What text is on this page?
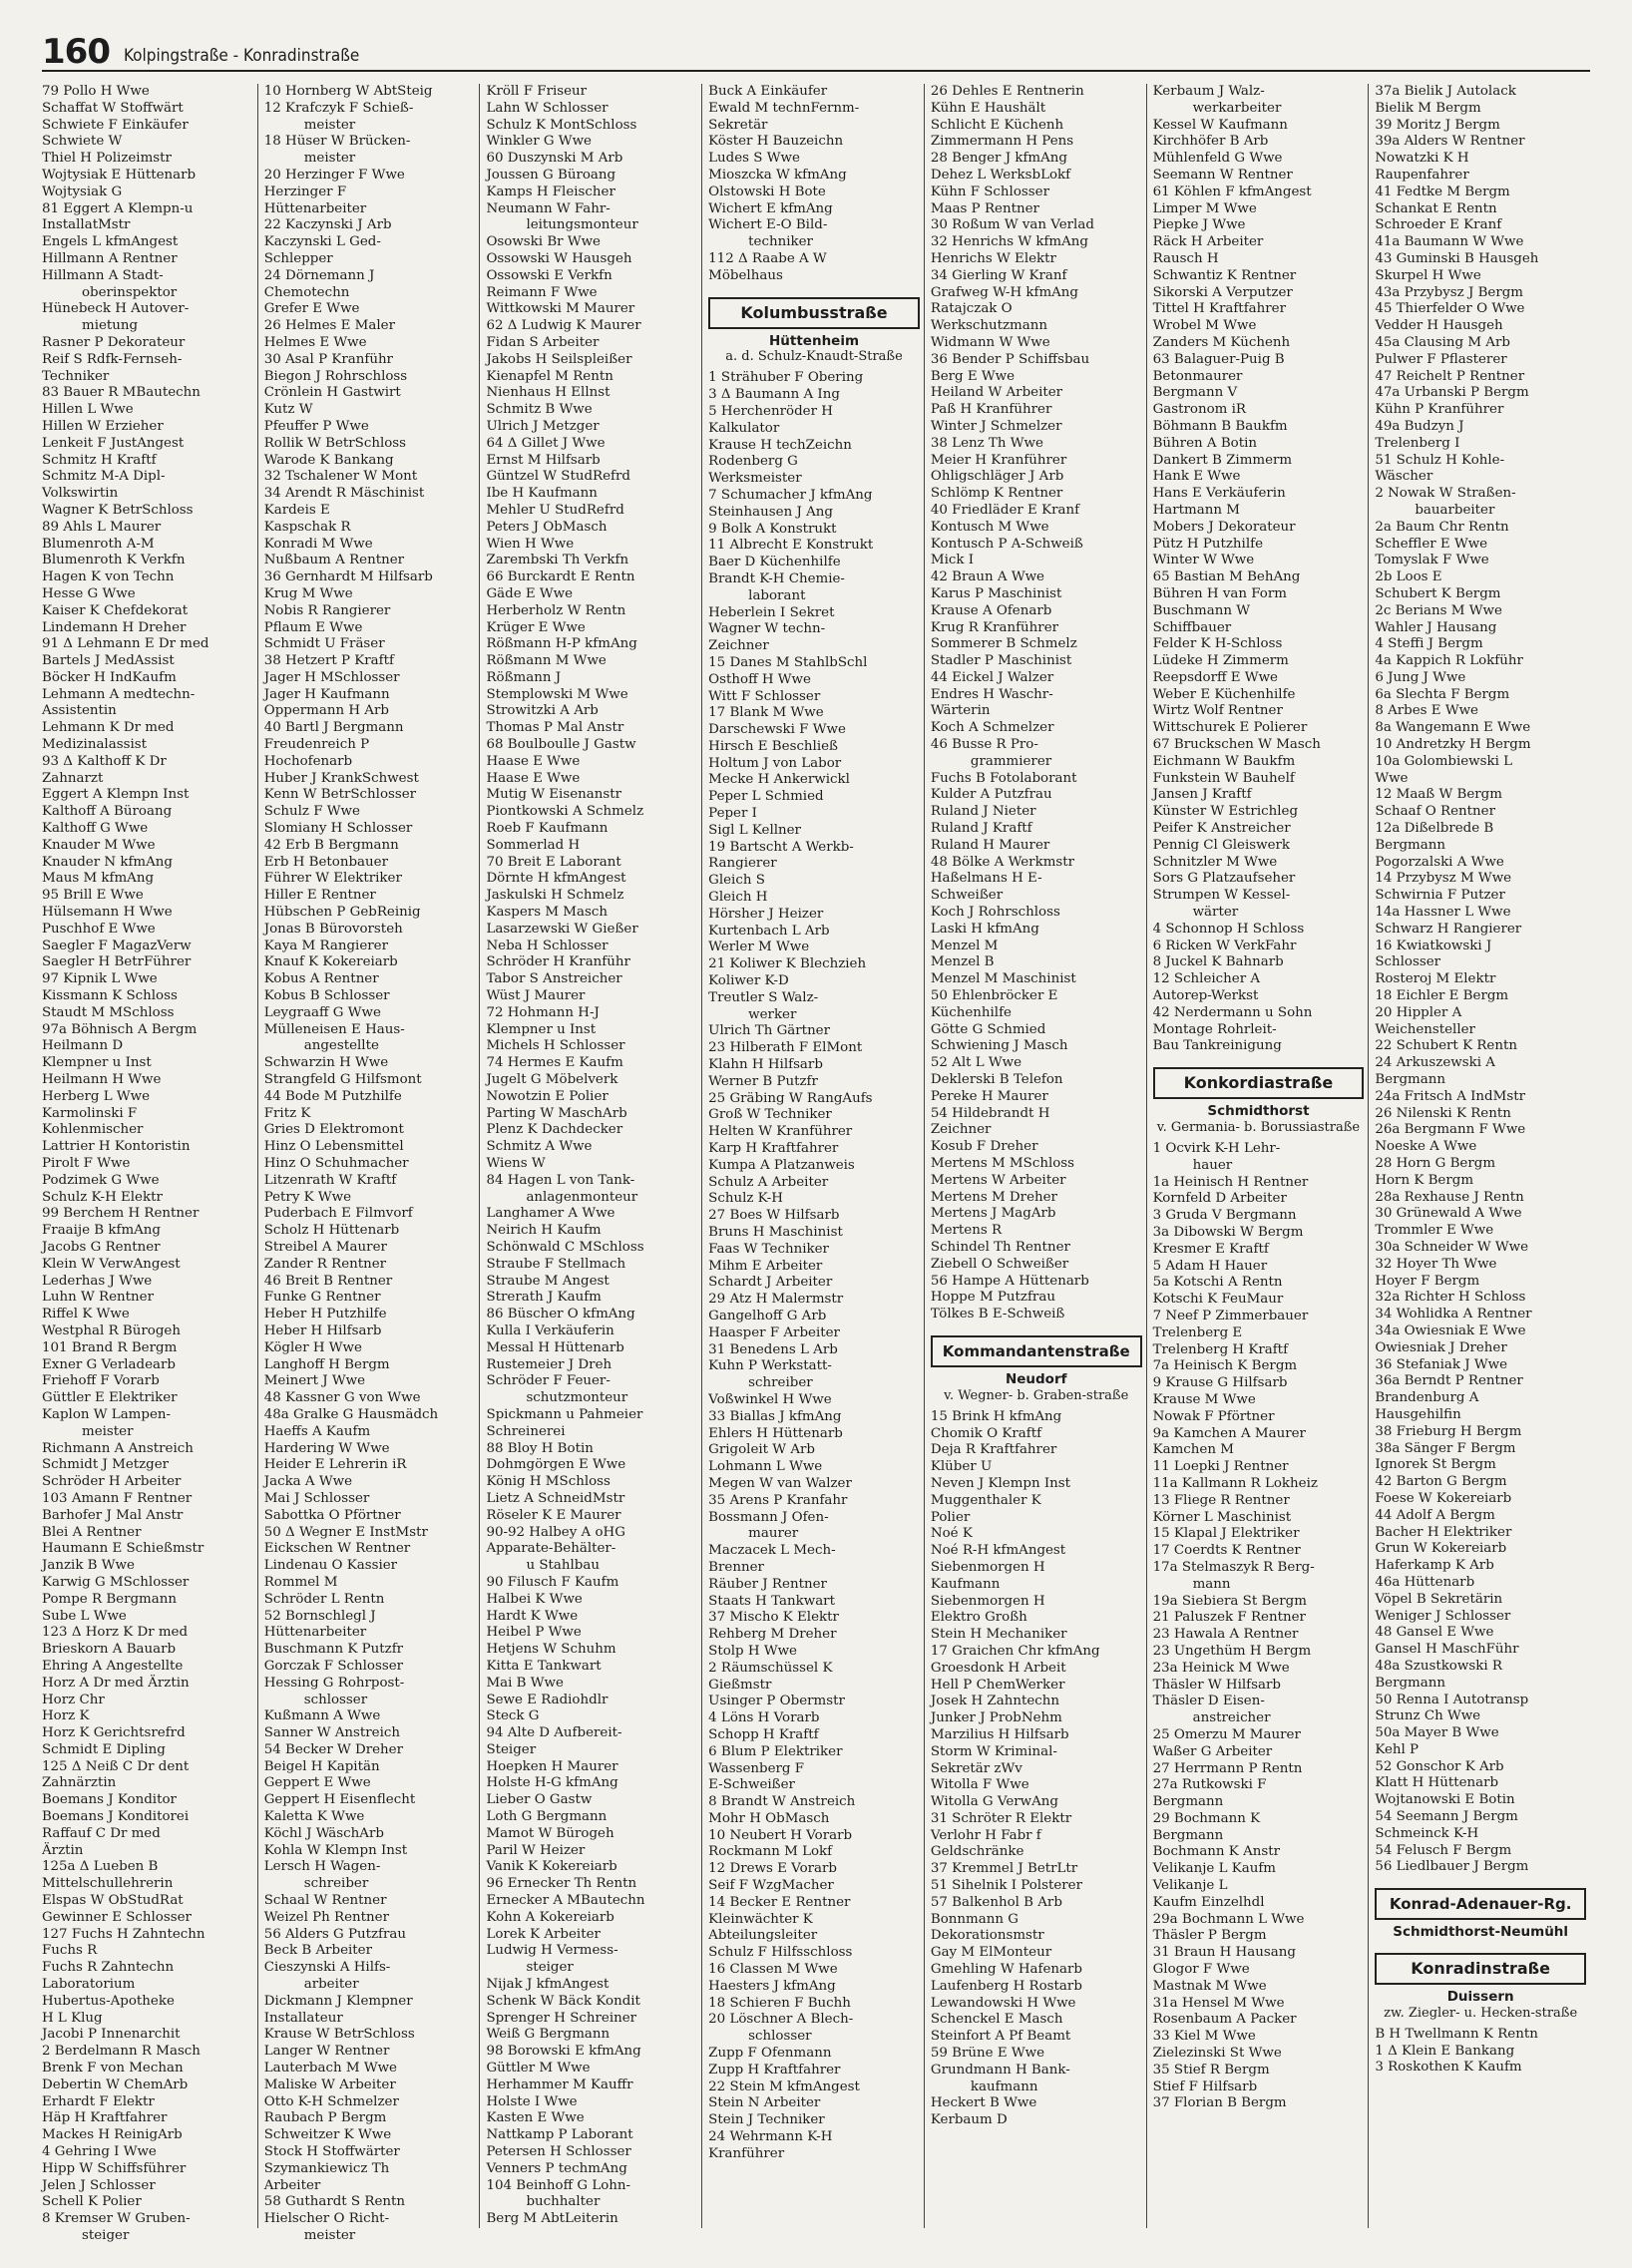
160 Kolpingstraße - Konradinstraße
79 Pollo H Wwe
Schaffat W Stoffwärt
Schwiete F Einkäufer
Schwiete W
Thiel H Polizeimstr
Wojtysiak E Hüttenarb
Wojtysiak G
81 Eggert A Klempn-u
InstallatMstr
Engels L kfmAngest
Hillmann A Rentner
Hillmann A Stadt-
oberinspektor
Hünebeck H Autover-
mietung
Rasner P Dekorateur
Reif S Rdfk-Fernseh-
Techniker
83 Bauer R MBautechn
Hillen L Wwe
Hillen W Erzieher
Lenkeit F JustAngest
Schmitz H Kraftf
Schmitz M-A Dipl-
Volkswirtin
Wagner K BetrSchloss
89 Ahls L Maurer
Blumenroth A-M
Blumenroth K Verkfn
Hagen K von Techn
Hesse G Wwe
Kaiser K Chefdekorat
Lindemann H Dreher
91 Δ Lehmann E Dr med
Bartels J MedAssist
Böcker H IndKaufm
Lehmann A medtechn-
Assistentin
Lehmann K Dr med
Medizinalassist
93 Δ Kalthoff K Dr
Zahnarzt
Eggert A Klempn Inst
Kalthoff A Büroang
Kalthoff G Wwe
Knauder M Wwe
Knauder N kfmAng
Maus M kfmAng
95 Brill E Wwe
Hülsemann H Wwe
Puschhof E Wwe
Saegler F MagazVerw
Saegler H BetrFührer
97 Kipnik L Wwe
Kissmann K Schloss
Staudt M MSchloss
97a Böhnisch A Bergm
Heilmann D
Klempner u Inst
Heilmann H Wwe
Herberg L Wwe
Karmolinski F
Kohlenmischer
Lattrier H Kontoristin
Pirolt F Wwe
Podzimek G Wwe
Schulz K-H Elektr
99 Berchem H Rentner
Fraaije B kfmAng
Jacobs G Rentner
Klein W VerwAngest
Lederhas J Wwe
Luhn W Rentner
Riffel K Wwe
Westphal R Bürogeh
101 Brand R Bergm
Exner G Verladearb
Friehoff F Vorarb
Güttler E Elektriker
Kaplon W Lampen-
meister
Richmann A Anstreich
Schmidt J Metzger
Schröder H Arbeiter
103 Amann F Rentner
Barhofer J Mal Anstr
Blei A Rentner
Haumann E Schießmstr
Janzik B Wwe
Karwig G MSchlosser
Pompe R Bergmann
Sube L Wwe
123 Δ Horz K Dr med
Brieskorn A Bauarb
Ehring A Angestellte
Horz A Dr med Ärztin
Horz Chr
Horz K
Horz K Gerichtsrefrd
Schmidt E Dipling
125 Δ Neiß C Dr dent
Zahnärztin
Boemans J Konditor
Boemans J Konditorei
Raffauf C Dr med
Ärztin
125a Δ Lueben B
Mittelschullehrerin
Elspas W ObStudRat
Gewinner E Schlosser
127 Fuchs H Zahntechn
Fuchs R
Fuchs R Zahntechn
Laboratorium
Hubertus-Apotheke
H L Klug
Jacobi P Innenarchit
2 Berdelmann R Masch
Brenk F von Mechan
Debertin W ChemArb
Erhardt F Elektr
Häp H Kraftfahrer
Mackes H ReinigArb
4 Gehring I Wwe
Hipp W Schiffsführer
Jelen J Schlosser
Schell K Polier
8 Kremser W Gruben-
steiger
10 Hornberg W AbtSteig
12 Krafczyk F Schieß-
meister
18 Hüser W Brücken-
meister
20 Herzinger F Wwe
Herzinger F
Hüttenarbeiter
22 Kaczynski J Arb
Kaczynski L Ged-
Schlepper
24 Dörnemann J
Chemotechn
Grefer E Wwe
26 Helmes E Maler
Helmes E Wwe
30 Asal P Kranführ
Biegon J Rohrschloss
Crönlein H Gastwirt
Kutz W
Pfeuffer P Wwe
Rollik W BetrSchloss
Warode K Bankang
32 Tschalener W Mont
34 Arendt R Mäschinist
Kardeis E
Kaspschak R
Konradi M Wwe
Nußbaum A Rentner
36 Gernhardt M Hilfsarb
Krug M Wwe
Nobis R Rangierer
Pflaum E Wwe
Schmidt U Fräser
38 Hetzert P Kraftf
Jager H MSchlosser
Jager H Kaufmann
Oppermann H Arb
40 Bartl J Bergmann
Freudenreich P
Hochofenarb
Huber J KrankSchwest
Kenn W BetrSchlosser
Schulz F Wwe
Slomiany H Schlosser
42 Erb B Bergmann
Erb H Betonbauer
Führer W Elektriker
Hiller E Rentner
Hübschen P GebReinig
Jonas B Bürovorsteh
Kaya M Rangierer
Knauf K Kokereiarb
Kobus A Rentner
Kobus B Schlosser
Leygraaff G Wwe
Mülleneisen E Haus-
angestellte
Schwarzin H Wwe
Strangfeld G Hilfsmont
44 Bode M Putzhilfe
Fritz K
Gries D Elektromont
Hinz O Lebensmittel
Hinz O Schuhmacher
Litzenrath W Kraftf
Petry K Wwe
Puderbach E Filmvorf
Scholz H Hüttenarb
Streibel A Maurer
Zander R Rentner
46 Breit B Rentner
Funke G Rentner
Heber H Putzhilfe
Heber H Hilfsarb
Kögler H Wwe
Langhoff H Bergm
Meinert J Wwe
48 Kassner G von Wwe
48a Gralke G Hausmädch
Haeffs A Kaufm
Hardering W Wwe
Heider E Lehrerin iR
Jacka A Wwe
Mai J Schlosser
Sabottka O Pförtner
50 Δ Wegner E InstMstr
Eickschen W Rentner
Lindenau O Kassier
Rommel M
Schröder L Rentn
52 Bornschlegl J
Hüttenarbeiter
Buschmann K Putzfr
Gorczak F Schlosser
Hessing G Rohrpost-
schlosser
Kußmann A Wwe
Sanner W Anstreich
54 Becker W Dreher
Beigel H Kapitän
Geppert E Wwe
Geppert H Eisenflecht
Kaletta K Wwe
Köchl J WäschArb
Kohla W Klempn Inst
Lersch H Wagen-
schreiber
Schaal W Rentner
Weizel Ph Rentner
56 Alders G Putzfrau
Beck B Arbeiter
Cieszynski A Hilfs-
arbeiter
Dickmann J Klempner
Installateur
Krause W BetrSchloss
Langer W Rentner
Lauterbach M Wwe
Maliske W Arbeiter
Otto K-H Schmelzer
Raubach P Bergm
Schweitzer K Wwe
Stock H Stoffwärter
Szymankiewicz Th
Arbeiter
58 Guthardt S Rentn
Hielscher O Richt-
meister
Kröll F Friseur
Lahn W Schlosser
Schulz K MontSchloss
Winkler G Wwe
60 Duszynski M Arb
Joussen G Büroang
Kamps H Fleischer
Neumann W Fahr-
leitungsmonteur
Osowski Br Wwe
Ossowski W Hausgeh
Ossowski E Verkfn
Reimann F Wwe
Wittkowski M Maurer
62 Δ Ludwig K Maurer
Fidan S Arbeiter
Jakobs H Seilspleißer
Kienapfel M Rentn
Nienhaus H Ellnst
Schmitz B Wwe
Ulrich J Metzger
64 Δ Gillet J Wwe
Ernst M Hilfsarb
Güntzel W StudRefrd
Ibe H Kaufmann
Mehler U StudRefrd
Peters J ObMasch
Wien H Wwe
Zarembski Th Verkfn
66 Burckardt E Rentn
Gäde E Wwe
Herberholz W Rentn
Krüger E Wwe
Rößmann H-P kfmAng
Rößmann M Wwe
Rößmann J
Stemplowski M Wwe
Strowitzki A Arb
Thomas P Mal Anstr
68 Boulboulle J Gastw
Haase E Wwe
Haase E Wwe
Mutig W Eisenanstr
Piontkowski A Schmelz
Roeb F Kaufmann
Sommerlad H
70 Breit E Laborant
Dörnte H kfmAngest
Jaskulski H Schmelz
Kaspers M Masch
Lasarzewski W Gießer
Neba H Schlosser
Schröder H Kranführ
Tabor S Anstreicher
Wüst J Maurer
72 Hohmann H-J
Klempner u Inst
Michels H Schlosser
74 Hermes E Kaufm
Jugelt G Möbelverk
Nowotzin E Polier
Parting W MaschArb
Plenz K Dachdecker
Schmitz A Wwe
Wiens W
84 Hagen L von Tank-
anlagenmonteur
Langhamer A Wwe
Neirich H Kaufm
Schönwald C MSchloss
Straube F Stellmach
Straube M Angest
Strerath J Kaufm
86 Büscher O kfmAng
Kulla I Verkäuferin
Messal H Hüttenarb
Rustemeier J Dreh
Schröder F Feuer-
schutzmonteur
Spickmann u Pahmeier
Schreinerei
88 Bloy H Botin
Dohmgörgen E Wwe
König H MSchloss
Lietz A SchneidMstr
Röseler K E Maurer
90-92 Halbey A oHG
Apparate-Behälter-
u Stahlbau
90 Filusch F Kaufm
Halbei K Wwe
Hardt K Wwe
Heibel P Wwe
Hetjens W Schuhm
Kitta E Tankwart
Mai B Wwe
Sewe E Radiohdlr
Steck G
94 Alte D Aufbereit-
Steiger
Hoepken H Maurer
Holste H-G kfmAng
Lieber O Gastw
Loth G Bergmann
Mamot W Bürogeh
Paril W Heizer
Vanik K Kokereiarb
96 Ernecker Th Rentn
Ernecker A MBautechn
Kohn A Kokereiarb
Lorek K Arbeiter
Ludwig H Vermess-
steiger
Nijak J kfmAngest
Schenk W Bäck Kondit
Sprenger H Schreiner
Weiß G Bergmann
98 Borowski E kfmAng
Güttler M Wwe
Herhammer M Kauffr
Holste I Wwe
Kasten E Wwe
Nattkamp P Laborant
Petersen H Schlosser
Venners P techmAng
104 Beinhoff G Lohn-
buchhalter
Berg M AbtLeiterin
Buck A Einkäufer
Ewald M technFernm-
Sekretär
Köster H Bauzeichn
Ludes S Wwe
Mioszcka W kfmAng
Olstowski H Bote
Wichert E kfmAng
Wichert E-O Bild-
techniker
112 Δ Raabe A W
Möbelhaus
Kolumbusstraße
Hüttenheim
a. d. Schulz-Knaudt-Straße
1 Strähuber F Obering
3 Δ Baumann A Ing
5 Herchenröder H
Kalkulator
Krause H techZeichn
Rodenberg G
Werksmeister
7 Schumacher J kfmAng
Steinhausen J Ang
9 Bolk A Konstrukt
11 Albrecht E Konstrukt
Baer D Küchenhilfe
Brandt K-H Chemie-
laborant
Heberlein I Sekret
Wagner W techn-
Zeichner
15 Danes M StahlbSchl
Osthoff H Wwe
Witt F Schlosser
17 Blank M Wwe
Darschewski F Wwe
Hirsch E Beschließ
Holtum J von Labor
Mecke H Ankerwickl
Peper L Schmied
Peper I
Sigl L Kellner
19 Bartscht A Werkb-
Rangierer
Gleich S
Gleich H
Hörsher J Heizer
Kurtenbach L Arb
Werler M Wwe
21 Koliwer K Blechzieh
Koliwer K-D
Treutler S Walz-
werker
Ulrich Th Gärtner
23 Hilberath F ElMont
Klahn H Hilfsarb
Werner B Putzfr
25 Gräbing W RangAufs
Groß W Techniker
Helten W Kranführer
Karp H Kraftfahrer
Kumpa A Platzanweis
Schulz A Arbeiter
Schulz K-H
27 Boes W Hilfsarb
Bruns H Maschinist
Faas W Techniker
Mihm E Arbeiter
Schardt J Arbeiter
29 Atz H Malermstr
Gangelhoff G Arb
Haasper F Arbeiter
31 Benedens L Arb
Kuhn P Werkstatt-
schreiber
Voßwinkel H Wwe
33 Biallas J kfmAng
Ehlers H Hüttenarb
Grigoleit W Arb
Lohmann L Wwe
Megen W van Walzer
35 Arens P Kranfahr
Bossmann J Ofen-
maurer
Maczacek L Mech-
Brenner
Räuber J Rentner
Staats H Tankwart
37 Mischo K Elektr
Rehberg M Dreher
Stolp H Wwe
2 Räumschüssel K
Gießmstr
Usinger P Obermstr
4 Löns H Vorarb
Schopp H Kraftf
6 Blum P Elektriker
Wassenberg F
E-Schweißer
8 Brandt W Anstreich
Mohr H ObMasch
10 Neubert H Vorarb
Rockmann M Lokf
12 Drews E Vorarb
Seif F WzgMacher
14 Becker E Rentner
Kleinwächter K
Abteilungsleiter
Schulz F Hilfsschloss
16 Classen M Wwe
Haesters J kfmAng
18 Schieren F Buchh
20 Löschner A Blech-
schlosser
Zupp F Ofenmann
Zupp H Kraftfahrer
22 Stein M kfmAngest
Stein N Arbeiter
Stein J Techniker
24 Wehrmann K-H
Kranführer
26 Dehles E Rentnerin
Kühn E Haushält
Schlicht E Küchenh
Zimmermann H Pens
28 Benger J kfmAng
Dehez L WerksbLokf
Kühn F Schlosser
Maas P Rentner
30 Roßum W van Verlad
32 Henrichs W kfmAng
Henrichs W Elektr
34 Gierling W Kranf
Grafweg W-H kfmAng
Ratajczak O
Werkschutzmann
Widmann W Wwe
36 Bender P Schiffsbau
Berg E Wwe
Heiland W Arbeiter
Paß H Kranführer
Winter J Schmelzer
38 Lenz Th Wwe
Meier H Kranführer
Ohligschläger J Arb
Schlömp K Rentner
40 Friedläder E Kranf
Kontusch M Wwe
Kontusch P A-Schweiß
Mick I
42 Braun A Wwe
Karus P Maschinist
Krause A Ofenarb
Krug R Kranführer
Sommerer B Schmelz
Stadler P Maschinist
44 Eickel J Walzer
Endres H Waschr-
Wärterin
Koch A Schmelzer
46 Busse R Pro-
grammierer
Fuchs B Fotolaborant
Kulder A Putzfrau
Ruland J Nieter
Ruland J Kraftf
Ruland H Maurer
48 Bölke A Werkmstr
Haßelmans H E-
Schweißer
Koch J Rohrschloss
Laski H kfmAng
Menzel M
Menzel B
Menzel M Maschinist
50 Ehlenbröcker E
Küchenhilfe
Götte G Schmied
Schwiening J Masch
52 Alt L Wwe
Deklerski B Telefon
Pereke H Maurer
54 Hildebrandt H
Zeichner
Kosub F Dreher
Mertens M MSchloss
Mertens W Arbeiter
Mertens M Dreher
Mertens J MagArb
Mertens R
Schindel Th Rentner
Ziebell O Schweißer
56 Hampe A Hüttenarb
Hoppe M Putzfrau
Tölkes B E-Schweiß
Kommandantenstraße
Neudorf
v. Wegner- b. Graben-straße
15 Brink H kfmAng
Chomik O Kraftf
Deja R Kraftfahrer
Klüber U
Neven J Klempn Inst
Muggenthaler K
Polier
Noé K
Noé R-H kfmAngest
Siebenmorgen H
Kaufmann
Siebenmorgen H
Elektro Großh
Stein H Mechaniker
17 Graichen Chr kfmAng
Groesdonk H Arbeit
Hell P ChemWerker
Josek H Zahntechn
Junker J ProbNehm
Marzilius H Hilfsarb
Storm W Kriminal-
Sekretär zWv
Witolla F Wwe
Witolla G VerwAng
31 Schröter R Elektr
Verlohr H Fabr f
Geldschränke
37 Kremmel J BetrLtr
51 Sihelnik I Polsterer
57 Balkenhol B Arb
Bonnmann G
Dekorationsmstr
Gay M ElMonteur
Gmehling W Hafenarb
Laufenberg H Rostarb
Lewandowski H Wwe
Schenckel E Masch
Steinfort A Pf Beamt
59 Brüne E Wwe
Grundmann H Bank-
kaufmann
Heckert B Wwe
Kerbaum D
Kerbaum J Walz-
werkarbeiter
Kessel W Kaufmann
Kirchhöfer B Arb
Mühlenfeld G Wwe
Seemann W Rentner
61 Köhlen F kfmAngest
Limper M Wwe
Piepke J Wwe
Räck H Arbeiter
Rausch H
Schwantiz K Rentner
Sikorski A Verputzer
Tittel H Kraftfahrer
Wrobel M Wwe
Zanders M Küchenh
63 Balaguer-Puig B
Betonmaurer
Bergmann V
Gastronom iR
Böhmann B Baukfm
Bühren A Botin
Dankert B Zimmerm
Hank E Wwe
Hans E Verkäuferin
Hartmann M
Mobers J Dekorateur
Pütz H Putzhilfe
Winter W Wwe
65 Bastian M BehAng
Bühren H van Form
Buschmann W
Schiffbauer
Felder K H-Schloss
Lüdeke H Zimmerm
Reepsdorff E Wwe
Weber E Küchenhilfe
Wirtz Wolf Rentner
Wittschurek E Polierer
67 Bruckschen W Masch
Eichmann W Baukfm
Funkstein W Bauhelf
Jansen J Kraftf
Künster W Estrichleg
Peifer K Anstreicher
Pennig Cl Gleiswerk
Schnitzler M Wwe
Sors G Platzaufseher
Strumpen W Kessel-
wärter
4 Schonnop H Schloss
6 Ricken W VerkFahr
8 Juckel K Bahnarb
12 Schleicher A
Autorep-Werkst
42 Nerdermann u Sohn
Montage Rohrleit-
Bau Tankreinigung
Konkordiastraße
Schmidthorst
v. Germania- b. Borussiastraße
1 Ocvirk K-H Lehr-
hauer
1a Heinisch H Rentner
Kornfeld D Arbeiter
3 Gruda V Bergmann
3a Dibowski W Bergm
Kresmer E Kraftf
5 Adam H Hauer
5a Kotschi A Rentn
Kotschi K FeuMaur
7 Neef P Zimmerbauer
Trelenberg E
Trelenberg H Kraftf
7a Heinisch K Bergm
9 Krause G Hilfsarb
Krause M Wwe
Nowak F Pförtner
9a Kamchen A Maurer
Kamchen M
11 Loepki J Rentner
11a Kallmann R Lokheiz
13 Fliege R Rentner
Körner L Maschinist
15 Klapal J Elektriker
17 Coerdts K Rentner
17a Stelmaszyk R Berg-
mann
19a Siebiera St Bergm
21 Paluszek F Rentner
23 Hawala A Rentner
23 Ungethüm H Bergm
23a Heinick M Wwe
Thäsler W Hilfsarb
Thäsler D Eisen-
anstreicher
25 Omerzu M Maurer
Waßer G Arbeiter
27 Herrmann P Rentn
27a Rutkowski F
Bergmann
29 Bochmann K
Bergmann
Bochmann K Anstr
Velikanje L Kaufm
Velikanje L
Kaufm Einzelhdl
29a Bochmann L Wwe
Thäsler P Bergm
31 Braun H Hausang
Glogor F Wwe
Mastnak M Wwe
31a Hensel M Wwe
Rosenbaum A Packer
33 Kiel M Wwe
Zielezinski St Wwe
35 Stief R Bergm
Stief F Hilfsarb
37 Florian B Bergm
37a Bielik J Autolack
Bielik M Bergm
39 Moritz J Bergm
39a Alders W Rentner
Nowatzki K H
Raupenfahrer
41 Fedtke M Bergm
Schankat E Rentn
Schroeder E Kranf
41a Baumann W Wwe
43 Guminski B Hausgeh
Skurpel H Wwe
43a Przybysz J Bergm
45 Thierfelder O Wwe
Vedder H Hausgeh
45a Clausing M Arb
Pulwer F Pflasterer
47 Reichelt P Rentner
47a Urbanski P Bergm
Kühn P Kranführer
49a Budzyn J
Trelenberg I
51 Schulz H Kohle-
Wäscher
2 Nowak W Straßen-
bauarbeiter
2a Baum Chr Rentn
Scheffler E Wwe
Tomyslak F Wwe
2b Loos E
Schubert K Bergm
2c Berians M Wwe
Wahler J Hausang
4 Steffi J Bergm
4a Kappich R Lokführ
6 Jung J Wwe
6a Slechta F Bergm
8 Arbes E Wwe
8a Wangemann E Wwe
10 Andretzky H Bergm
10a Golombiewski L
Wwe
12 Maaß W Bergm
Schaaf O Rentner
12a Dißelbrede B
Bergmann
Pogorzalski A Wwe
14 Przybysz M Wwe
Schwirnia F Putzer
14a Hassner L Wwe
Schwarz H Rangierer
16 Kwiatkowski J
Schlosser
Rosteroj M Elektr
18 Eichler E Bergm
20 Hippler A
Weichensteller
22 Schubert K Rentn
24 Arkuszewski A
Bergmann
24a Fritsch A IndMstr
26 Nilenski K Rentn
26a Bergmann F Wwe
Noeske A Wwe
28 Horn G Bergm
Horn K Bergm
28a Rexhause J Rentn
30 Grünewald A Wwe
Trommler E Wwe
30a Schneider W Wwe
32 Hoyer Th Wwe
Hoyer F Bergm
32a Richter H Schloss
34 Wohlidka A Rentner
34a Owiesniak E Wwe
Owiesniak J Dreher
36 Stefaniak J Wwe
36a Berndt P Rentner
Brandenburg A
Hausgehilfin
38 Frieburg H Bergm
38a Sänger F Bergm
Ignorek St Bergm
42 Barton G Bergm
Foese W Kokereiarb
44 Adolf A Bergm
Bacher H Elektriker
Grun W Kokereiarb
Haferkamp K Arb
46a Hüttenarb
Vöpel B Sekretärin
Weniger J Schlosser
48 Gansel E Wwe
Gansel H MaschFühr
48a Szustkowski R
Bergmann
50 Renna I Autotransp
Strunz Ch Wwe
50a Mayer B Wwe
Kehl P
52 Gonschor K Arb
Klatt H Hüttenarb
Wojtanowski E Botin
54 Seemann J Bergm
Schmeinck K-H
54 Felusch F Bergm
56 Liedlbauer J Bergm
Konrad-Adenauer-Rg.
Schmidthorst-Neumühl
Konradinstraße
Duissern
zw. Ziegler- u. Hecken-straße
B H Twellmann K Rentn
1 Δ Klein E Bankang
3 Roskothen K Kaufm
